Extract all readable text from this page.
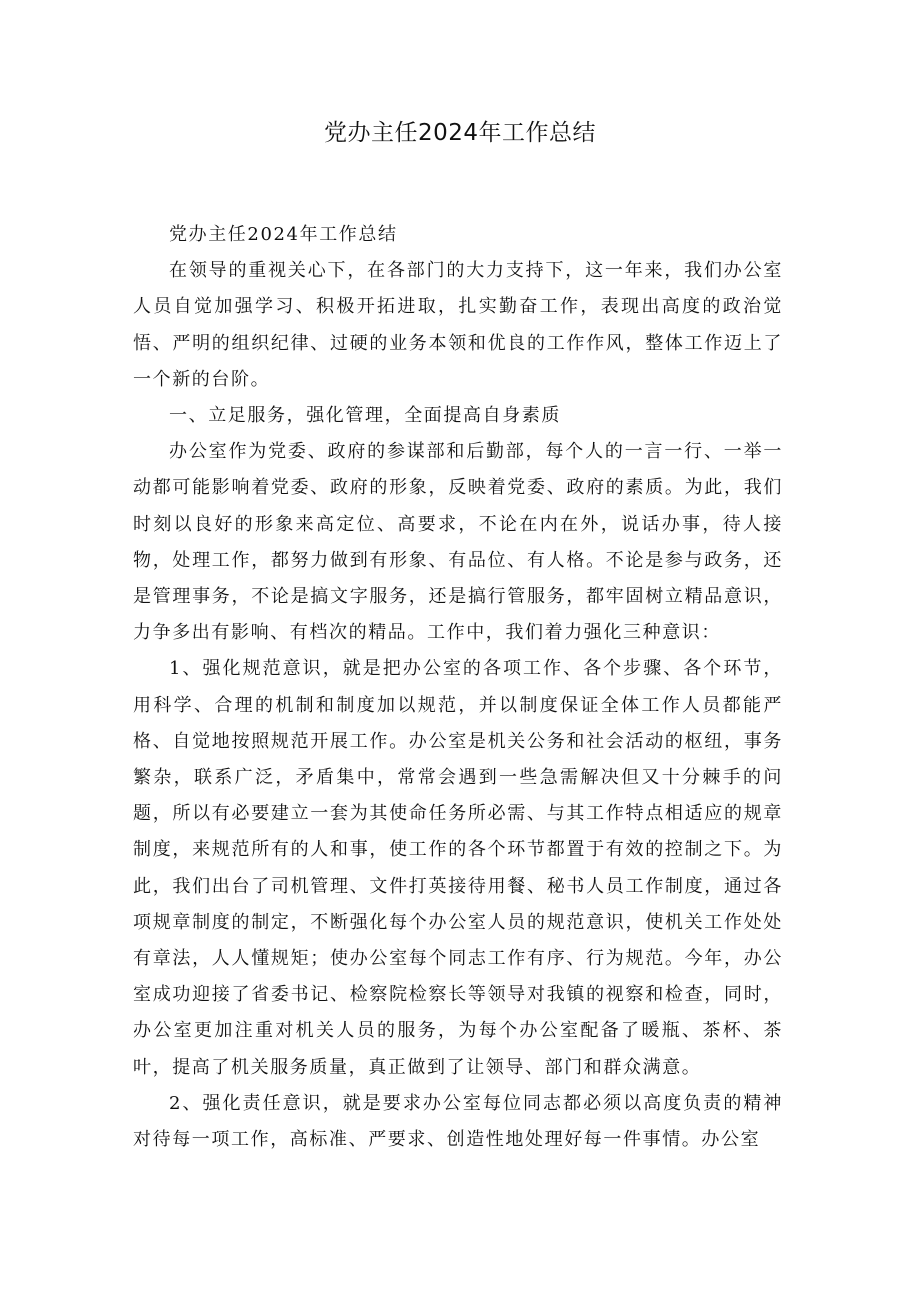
党办主任2024年工作总结

党办主任2024年工作总结

在领导的重视关心下，在各部门的大力支持下，这一年来，我们办公室人员自觉加强学习、积极开拓进取，扎实勤奋工作，表现出高度的政治觉悟、严明的组织纪律、过硬的业务本领和优良的工作作风，整体工作迈上了一个新的台阶。

一、立足服务，强化管理，全面提高自身素质

办公室作为党委、政府的参谋部和后勤部，每个人的一言一行、一举一动都可能影响着党委、政府的形象，反映着党委、政府的素质。为此，我们时刻以良好的形象来高定位、高要求，不论在内在外，说话办事，待人接物，处理工作，都努力做到有形象、有品位、有人格。不论是参与政务，还是管理事务，不论是搞文字服务，还是搞行管服务，都牢固树立精品意识，力争多出有影响、有档次的精品。工作中，我们着力强化三种意识：

1、强化规范意识，就是把办公室的各项工作、各个步骤、各个环节，用科学、合理的机制和制度加以规范，并以制度保证全体工作人员都能严格、自觉地按照规范开展工作。办公室是机关公务和社会活动的枢纽，事务繁杂，联系广泛，矛盾集中，常常会遇到一些急需解决但又十分棘手的问题，所以有必要建立一套为其使命任务所必需、与其工作特点相适应的规章制度，来规范所有的人和事，使工作的各个环节都置于有效的控制之下。为此，我们出台了司机管理、文件打英接待用餐、秘书人员工作制度，通过各项规章制度的制定，不断强化每个办公室人员的规范意识，使机关工作处处有章法，人人懂规矩；使办公室每个同志工作有序、行为规范。今年，办公室成功迎接了省委书记、检察院检察长等领导对我镇的视察和检查，同时，办公室更加注重对机关人员的服务，为每个办公室配备了暖瓶、茶杯、茶叶，提高了机关服务质量，真正做到了让领导、部门和群众满意。

2、强化责任意识，就是要求办公室每位同志都必须以高度负责的精神对待每一项工作，高标准、严要求、创造性地处理好每一件事情。办公室
